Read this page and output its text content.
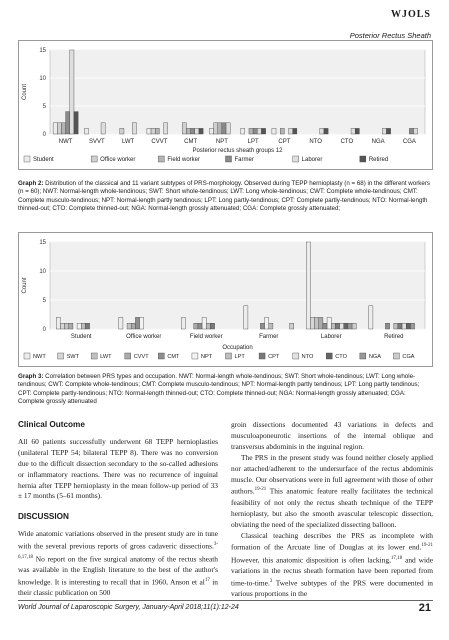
WJOLS
Posterior Rectus Sheath
0
5
10
15
Count
NWT	SVVT	LWT	CVVT	CMT	NPT	LPT	CPT	NTO	CTO	NGA	CGA
Posterior rectus sheath groups 12
Student	Office worker	Field worker	Farmer	Laborer	Retired
Graph 2: Distribution of the classical and 11 variant subtypes of PRS-morphology. Observed during TEPP hernioplasty (n = 68) in the different workers (n = 60); NWT: Normal-length whole-tendinous; SWT: Short whole-tendinous; LWT: Long whole-tendinous; CWT: Complete whole-tendinous; CMT: Complete musculo-tendinous; NPT: Normal-length partly tendinous; LPT: Long partly-tendinous; CPT: Complete partly-tendinous; NTO: Normal-length thinned-out; CTO: Complete thinned-out; NGA: Normal-length grossly attenuated; CGA: Complete grossly attenuated;
0
5
10
15
Count
Student	Office worker	Field worker	Farmer	Laborer	Retired
Occupation
NWT	SWT	LWT	CVVT	CMT	NPT	LPT	CPT	NTO	CTO	NGA	CGA
Graph 3: Correlation between PRS types and occupation. NWT: Normal-length whole-tendinous; SWT: Short whole-tendinous; LWT: Long whole-tendinous; CWT: Complete whole-tendinous; CMT: Complete musculo-tendinous; NPT: Normal-length partly tendinous; LPT: Long partly tendinous; CPT: Complete partly-tendinous; NTO: Normal-length thinned-out; CTO: Complete thinned-out; NGA: Normal-length grossly attenuated; CGA: Complete grossly attenuated
Clinical Outcome

All 60 patients successfully underwent 68 TEPP hernioplasties (unilateral TEPP 54; bilateral TEPP 8). There was no conversion due to the difficult dissection secondary to the so-called adhesions or inflammatory reactions. There was no recurrence of inguinal hernia after TEPP hernioplasty in the mean follow-up period of 33 ± 17 months (5–61 months).

DISCUSSION

Wide anatomic variations observed in the present study are in tune with the several previous reports of gross cadaveric dissections.$^{3-6,17,18}$ No report on the five surgical anatomy of the rectus sheath was available in the English literature to the best of the author's knowledge. It is interesting to recall that in 1960, Anson et $al^{17}$ in their classic publication on 500

groin dissections documented 43 variations in defects and musculoaponeurotic insertions of the internal oblique and transversus abdominis in the inguinal region.

The PRS in the present study was found neither closely applied nor attached/adherent to the undersurface of the rectus abdominis muscle. Our observations were in full agreement with those of other authors.$^{19-21}$ This anatomic feature really facilitates the technical feasibility of not only the rectus sheath technique of the TEPP hernioplasty, but also the smooth avascular telescopic dissection, obviating the need of the specialized dissecting balloon.

Classical teaching describes the PRS as incomplete with formation of the Arcuate line of Douglas at its lower end.$^{19-21}$ However, this anatomic disposition is often lacking,$^{17,18}$ and wide variations in the rectus sheath formation have been reported from time-to-time.$^3$ Twelve subtypes of the PRS were documented in various proportions in the

World Journal of Laparoscopic Surgery, January-April 2018;11(1):12-24	21
